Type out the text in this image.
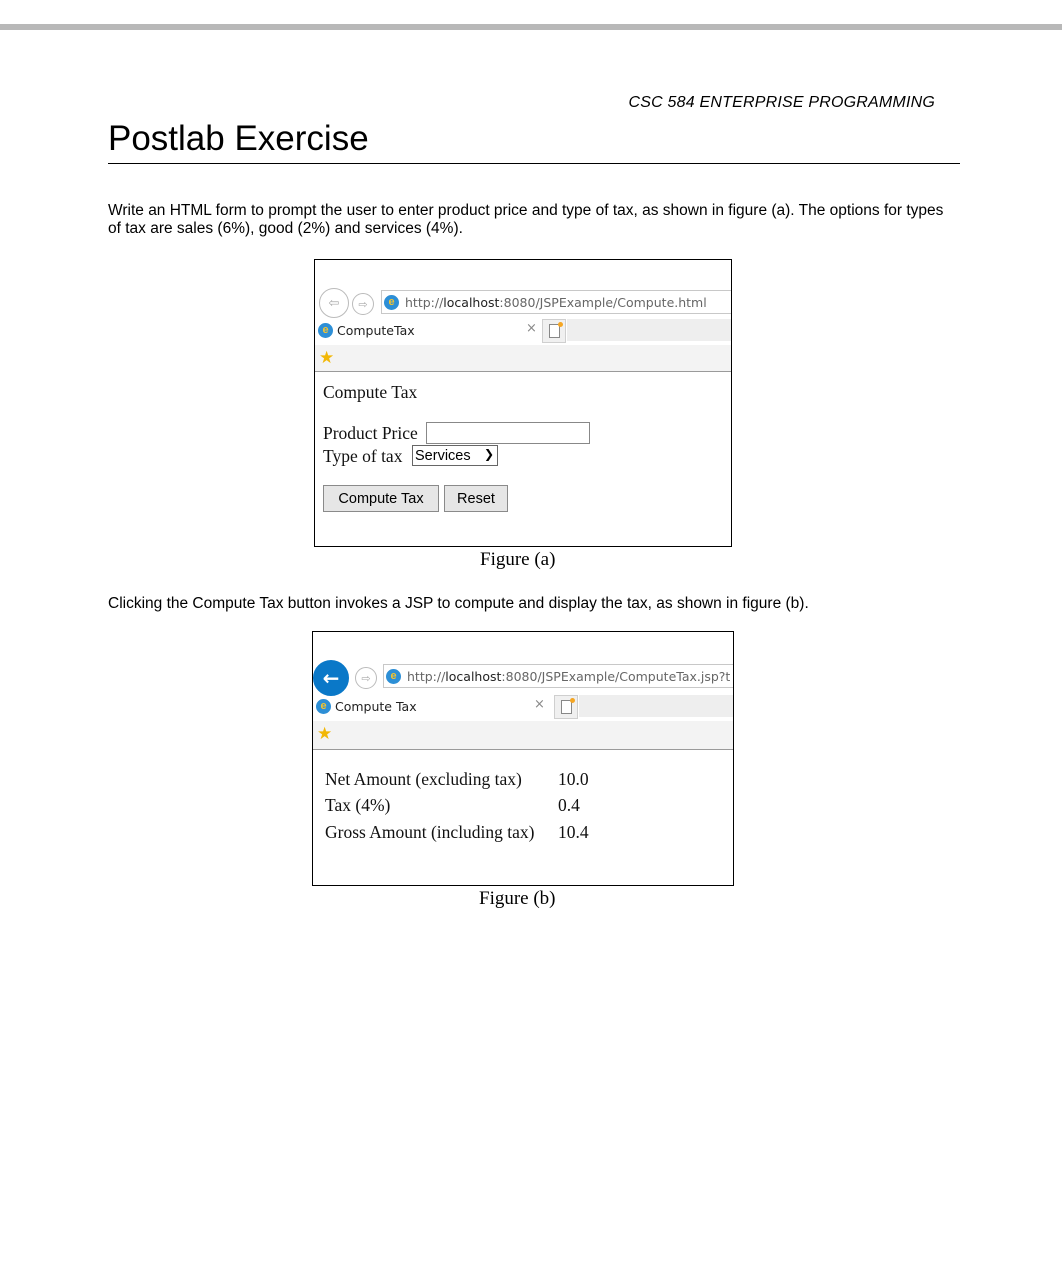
CSC 584 ENTERPRISE PROGRAMMING
Postlab Exercise
Write an HTML form to prompt the user to enter product price and type of tax, as shown in figure (a). The options for types of tax are sales (6%), good (2%) and services (4%).
⇦ ⇨	e http:// localhost :8080/JSPExample/Compute.html
e ComputeTax	×
★
Compute Tax
Product Price
Type of tax Services ❯
Compute Tax	Reset
Figure (a)
Clicking the Compute Tax button invokes a JSP to compute and display the tax, as shown in figure (b).
← ⇨	e http:// localhost :8080/JSPExample/ComputeTax.jsp?t
e Compute Tax	×
★
Net Amount (excluding tax) 10.0
Tax (4%)	0.4
Gross Amount (including tax) 10.4
Figure (b)
